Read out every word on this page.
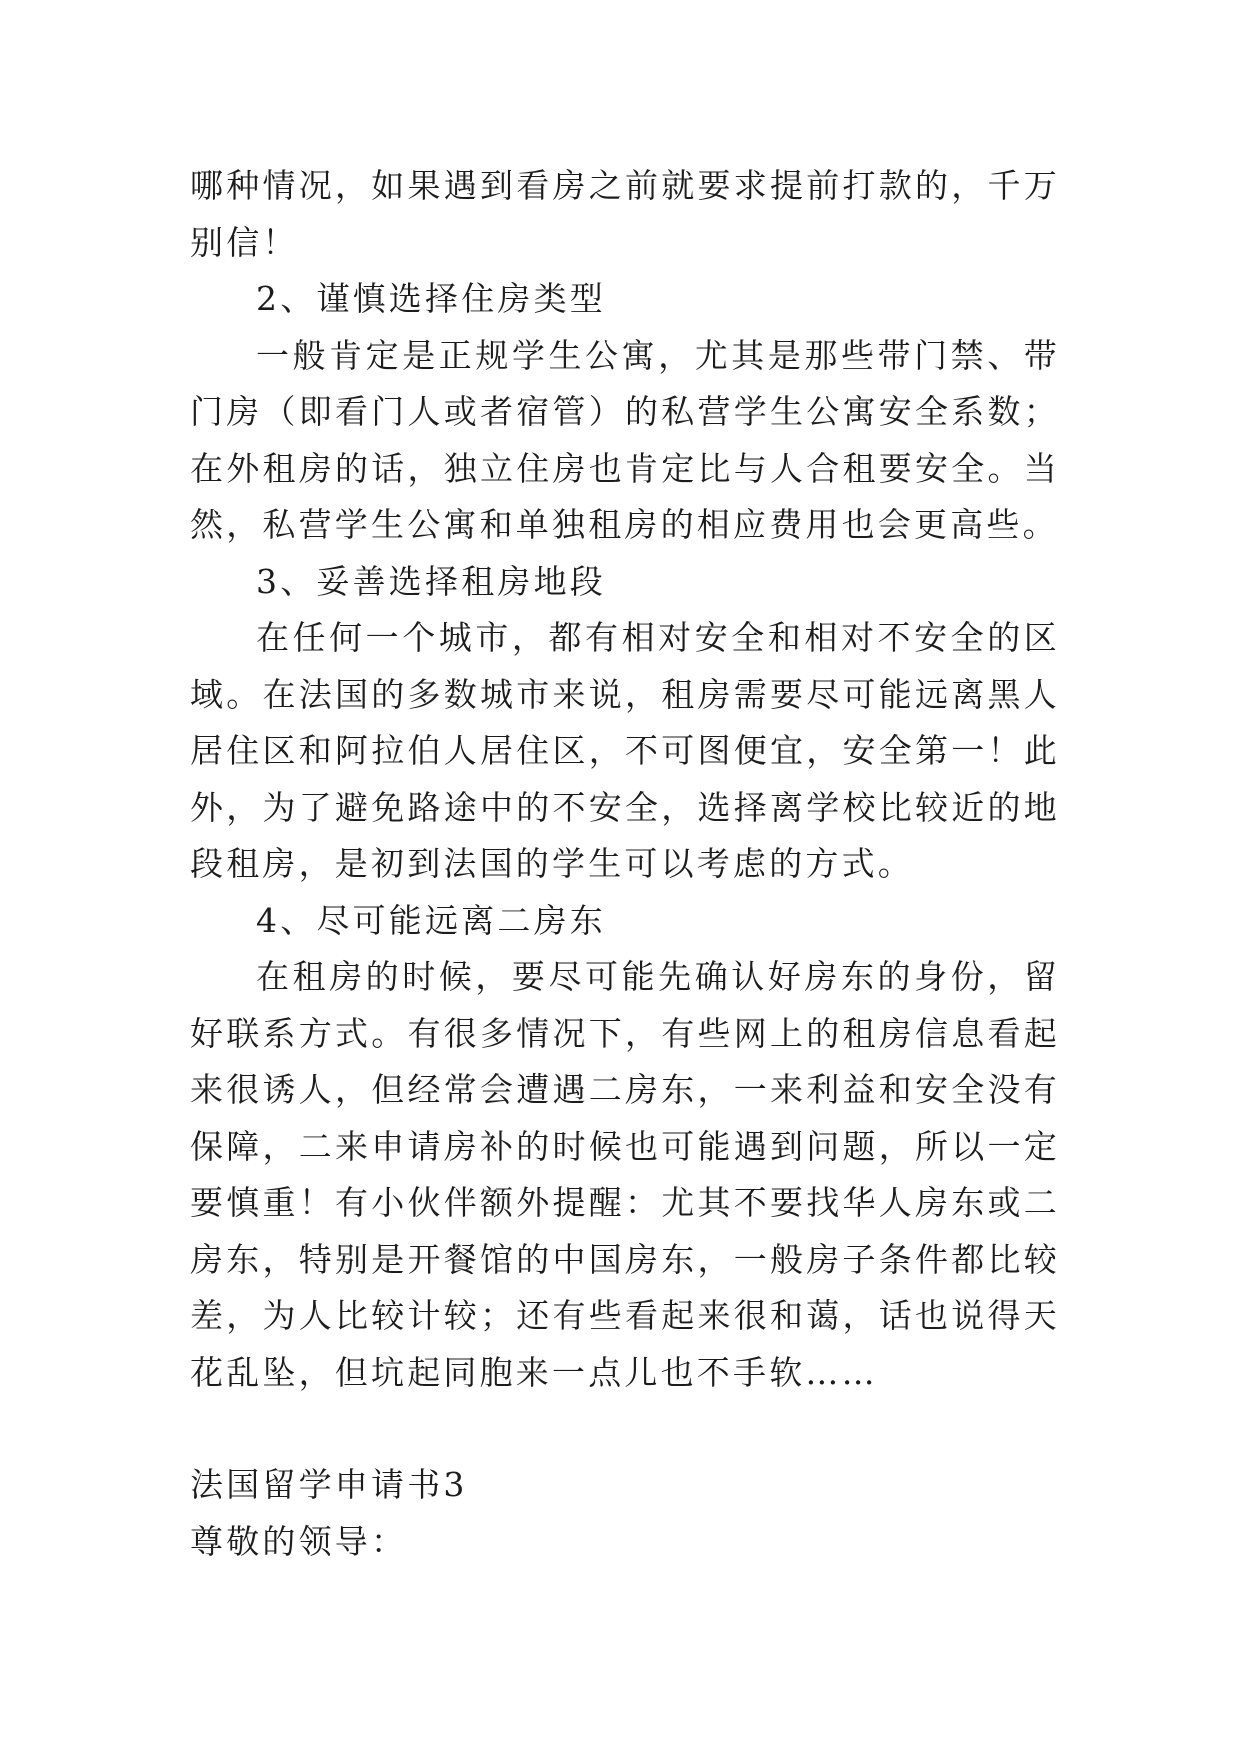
哪种情况，如果遇到看房之前就要求提前打款的，千万别信！

2、谨慎选择住房类型

一般肯定是正规学生公寓，尤其是那些带门禁、带门房（即看门人或者宿管）的私营学生公寓安全系数；在外租房的话，独立住房也肯定比与人合租要安全。当然，私营学生公寓和单独租房的相应费用也会更高些。

3、妥善选择租房地段

在任何一个城市，都有相对安全和相对不安全的区域。在法国的多数城市来说，租房需要尽可能远离黑人居住区和阿拉伯人居住区，不可图便宜，安全第一！此外，为了避免路途中的不安全，选择离学校比较近的地段租房，是初到法国的学生可以考虑的方式。

4、尽可能远离二房东

在租房的时候，要尽可能先确认好房东的身份，留好联系方式。有很多情况下，有些网上的租房信息看起来很诱人，但经常会遭遇二房东，一来利益和安全没有保障，二来申请房补的时候也可能遇到问题，所以一定要慎重！有小伙伴额外提醒：尤其不要找华人房东或二房东，特别是开餐馆的中国房东，一般房子条件都比较差，为人比较计较；还有些看起来很和蔼，话也说得天花乱坠，但坑起同胞来一点儿也不手软……

法国留学申请书3

尊敬的领导：
